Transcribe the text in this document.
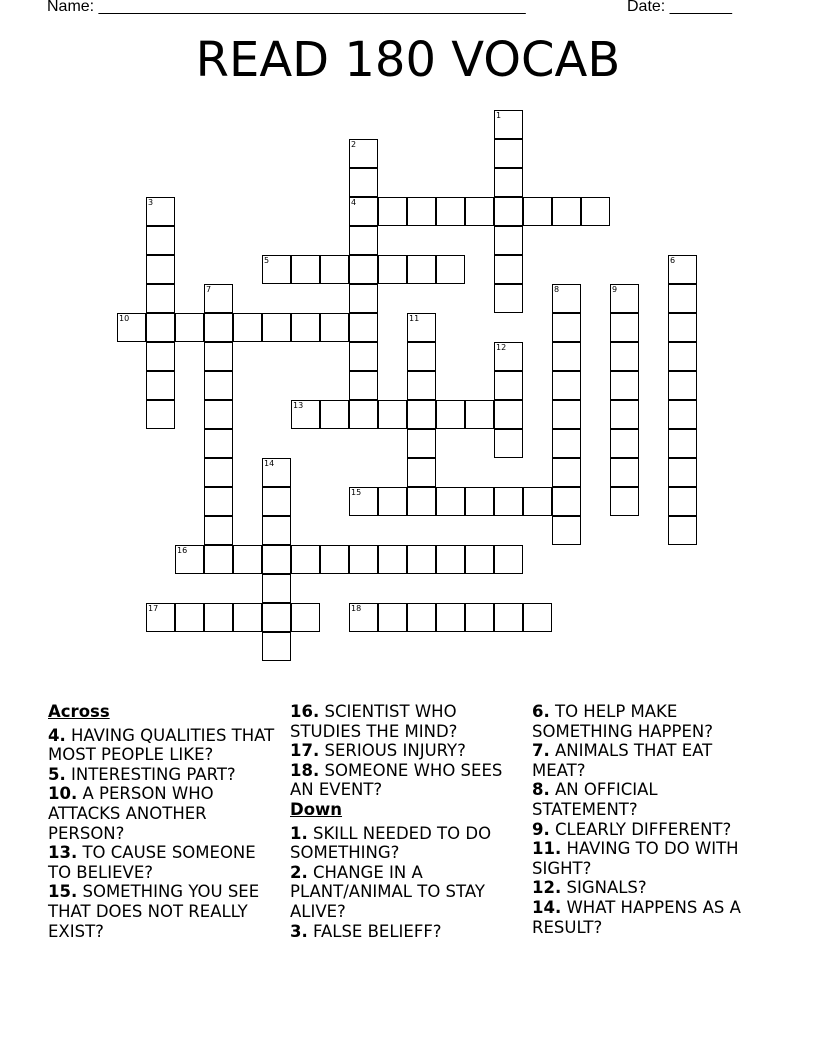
Name: ________________________________________________	Date: _______
READ 180 VOCAB
1
2
4
3
5	6
7	8	9
10	11
12
13
14
15
16
17	18
Across
4. HAVING QUALITIES THAT MOST PEOPLE LIKE?
5. INTERESTING PART?
10. A PERSON WHO ATTACKS ANOTHER PERSON?
13. TO CAUSE SOMEONE TO BELIEVE?
15. SOMETHING YOU SEE THAT DOES NOT REALLY EXIST?
16. SCIENTIST WHO STUDIES THE MIND?
17. SERIOUS INJURY?
18. SOMEONE WHO SEES AN EVENT?
Down
1. SKILL NEEDED TO DO SOMETHING?
2. CHANGE IN A PLANT/ANIMAL TO STAY ALIVE?
3. FALSE BELIEFF?
6. TO HELP MAKE SOMETHING HAPPEN?
7. ANIMALS THAT EAT MEAT?
8. AN OFFICIAL STATEMENT?
9. CLEARLY DIFFERENT?
11. HAVING TO DO WITH SIGHT?
12. SIGNALS?
14. WHAT HAPPENS AS A RESULT?
